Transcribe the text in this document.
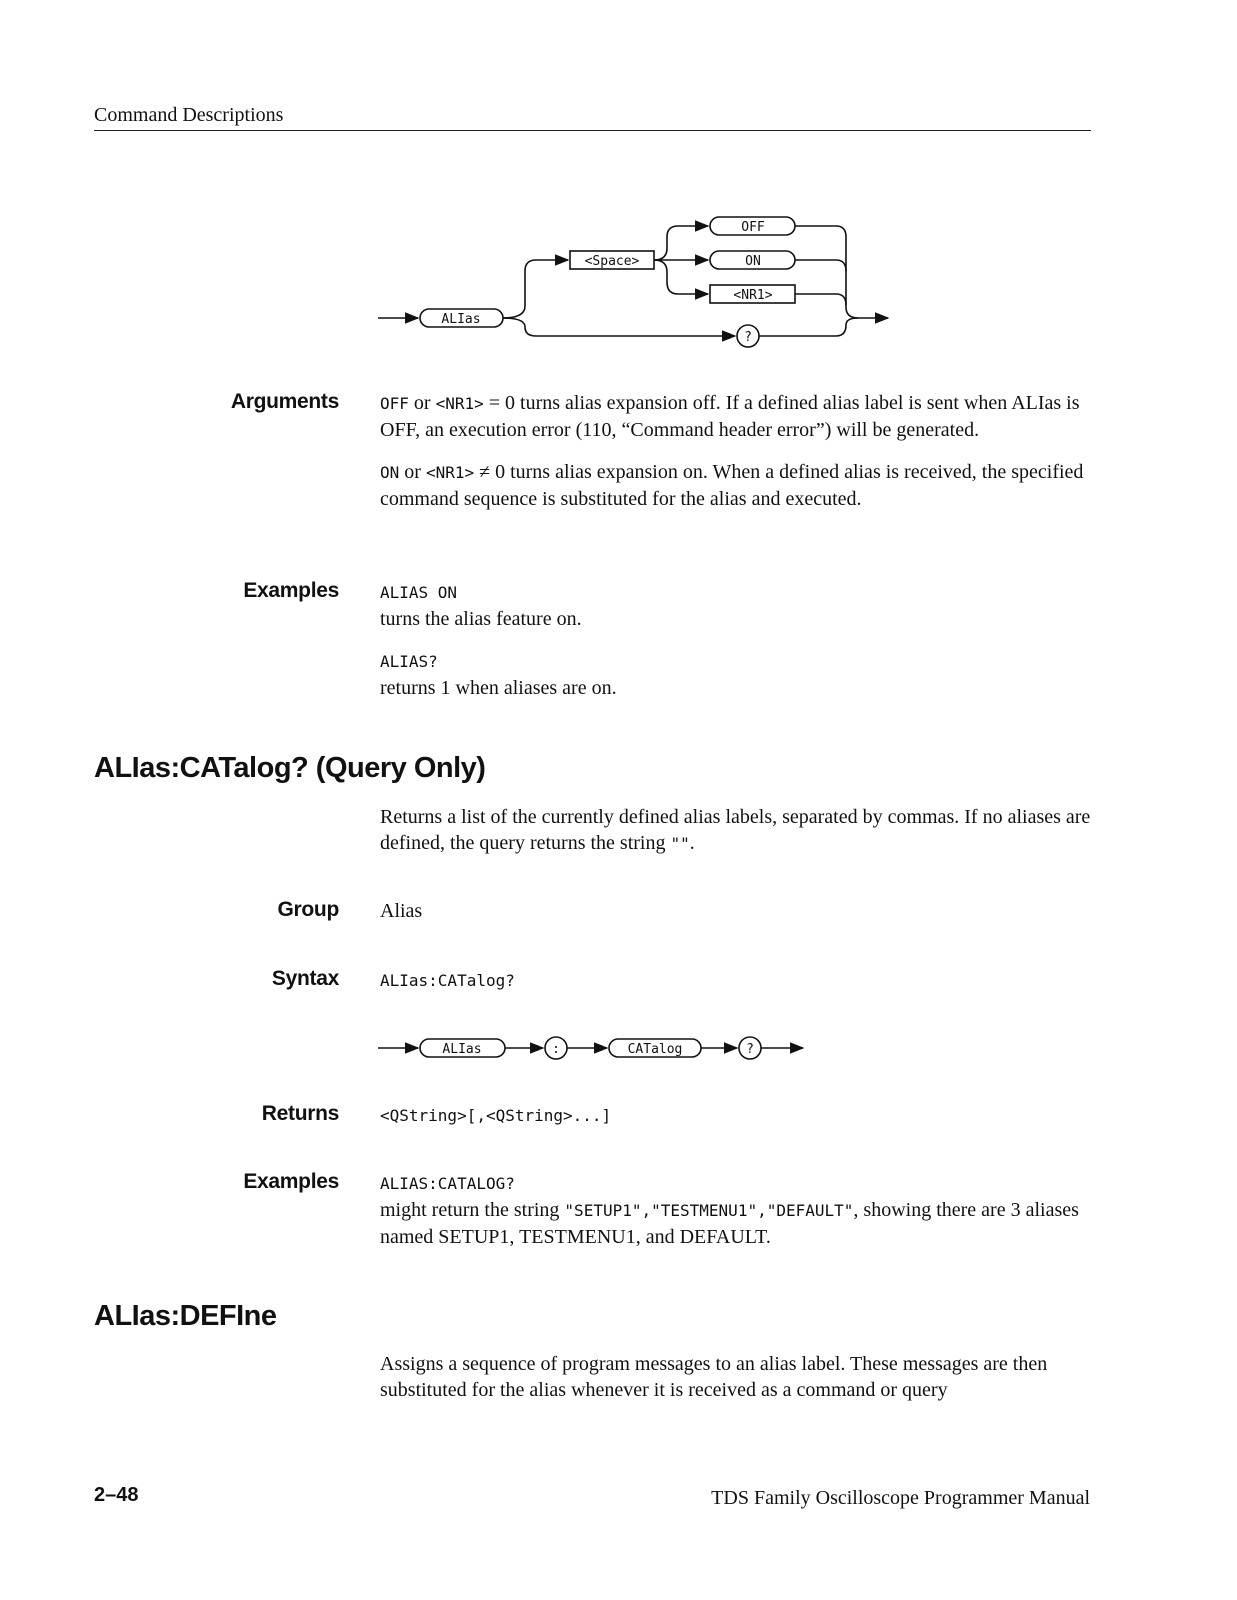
Command Descriptions
ALIas
<Space>
OFF
ON
<NR1>
?
Arguments	OFF or <NR1> = 0 turns alias expansion off. If a defined alias label is sent when ALIas is OFF, an execution error (110, “Command header error”) will be generated.

ON or <NR1> ≠ 0 turns alias expansion on. When a defined alias is received, the specified command sequence is substituted for the alias and executed.

Examples	ALIAS ON
turns the alias feature on.

ALIAS?
returns 1 when aliases are on.

ALIas:CATalog? (Query Only)

Returns a list of the currently defined alias labels, separated by commas. If no aliases are defined, the query returns the string "".

Group Alias
Syntax	ALIas:CATalog?
ALIas	:	CATalog	?
Returns	<QString>[,<QString>...]
Examples	ALIAS:CATALOG?
might return the string "SETUP1","TESTMENU1","DEFAULT", showing there are 3 aliases named SETUP1, TESTMENU1, and DEFAULT.

ALIas:DEFIne
Assigns a sequence of program messages to an alias label. These messages are then substituted for the alias whenever it is received as a command or query
2–48	TDS Family Oscilloscope Programmer Manual
